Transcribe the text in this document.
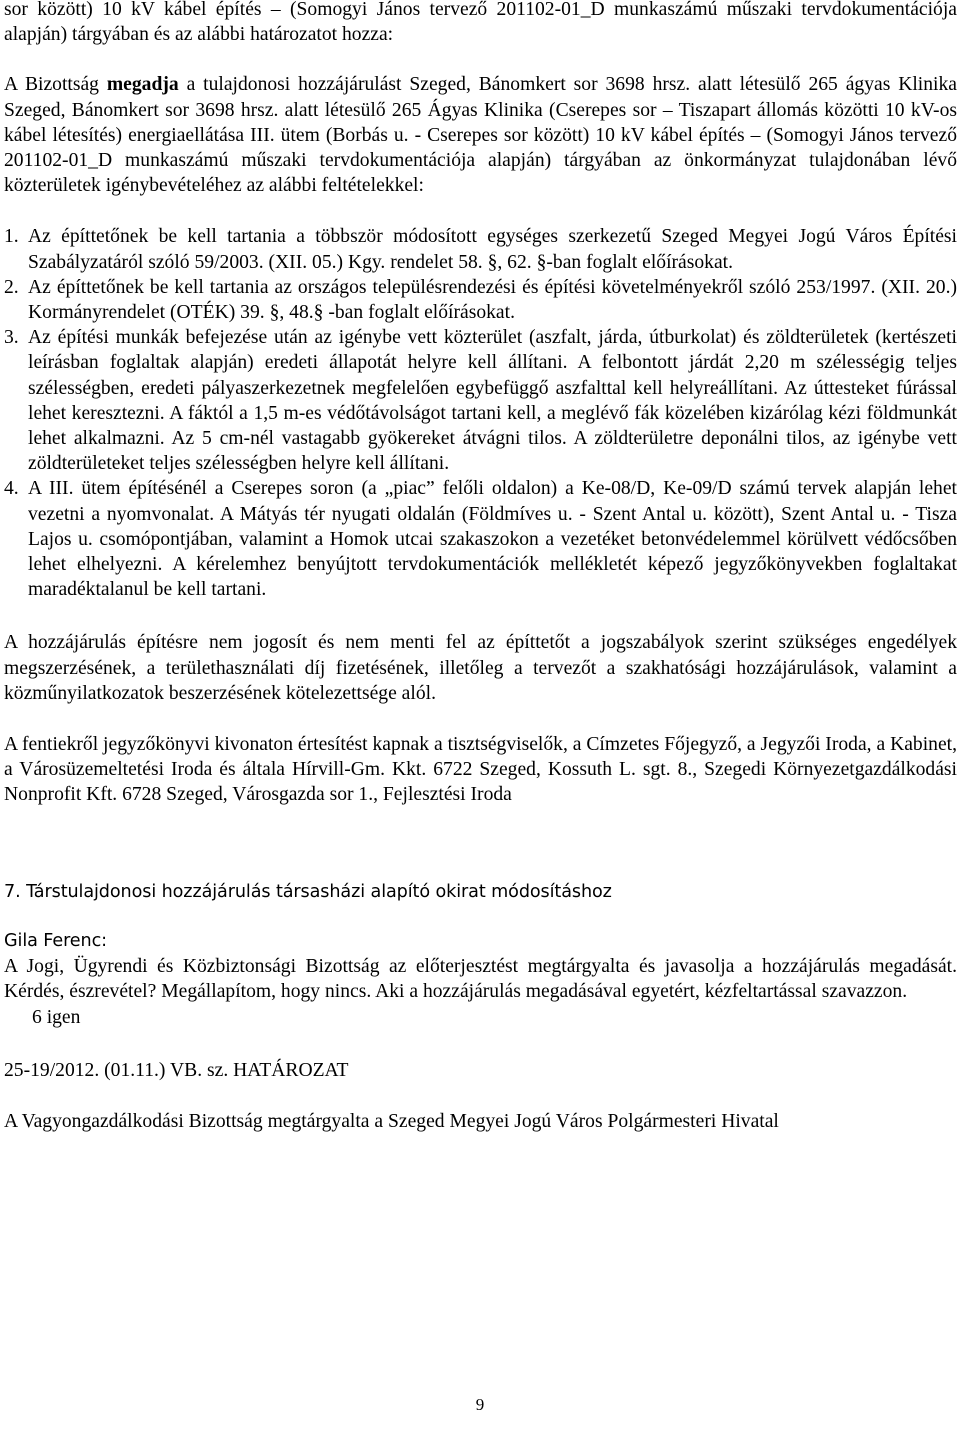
sor között) 10 kV kábel építés – (Somogyi János tervező 201102-01_D munkaszámú műszaki tervdokumentációja alapján) tárgyában és az alábbi határozatot hozza:

A Bizottság megadja a tulajdonosi hozzájárulást Szeged, Bánomkert sor 3698 hrsz. alatt létesülő 265 ágyas Klinika Szeged, Bánomkert sor 3698 hrsz. alatt létesülő 265 Ágyas Klinika (Cserepes sor – Tiszapart állomás közötti 10 kV-os kábel létesítés) energiaellátása III. ütem (Borbás u. - Cserepes sor között) 10 kV kábel építés – (Somogyi János tervező 201102-01_D munkaszámú műszaki tervdokumentációja alapján) tárgyában az önkormányzat tulajdonában lévő közterületek igénybevételéhez az alábbi feltételekkel:

1. Az építtetőnek be kell tartania a többször módosított egységes szerkezetű Szeged Megyei Jogú Város Építési Szabályzatáról szóló 59/2003. (XII. 05.) Kgy. rendelet 58. §, 62. §-ban foglalt előírásokat.
2. Az építtetőnek be kell tartania az országos településrendezési és építési követelményekről szóló 253/1997. (XII. 20.) Kormányrendelet (OTÉK) 39. §, 48.§ -ban foglalt előírásokat.
3. Az építési munkák befejezése után az igénybe vett közterület (aszfalt, járda, útburkolat) és zöldterületek (kertészeti leírásban foglaltak alapján) eredeti állapotát helyre kell állítani. A felbontott járdát 2,20 m szélességig teljes szélességben, eredeti pályaszerkezetnek megfelelően egybefüggő aszfalttal kell helyreállítani. Az úttesteket fúrással lehet keresztezni. A fáktól a 1,5 m-es védőtávolságot tartani kell, a meglévő fák közelében kizárólag kézi földmunkát lehet alkalmazni. Az 5 cm-nél vastagabb gyökereket átvágni tilos. A zöldterületre deponálni tilos, az igénybe vett zöldterületeket teljes szélességben helyre kell állítani.
4. A III. ütem építésénél a Cserepes soron (a „piac” felőli oldalon) a Ke-08/D, Ke-09/D számú tervek alapján lehet vezetni a nyomvonalat. A Mátyás tér nyugati oldalán (Földmíves u. - Szent Antal u. között), Szent Antal u. - Tisza Lajos u. csomópontjában, valamint a Homok utcai szakaszokon a vezetéket betonvédelemmel körülvett védőcsőben lehet elhelyezni. A kérelemhez benyújtott tervdokumentációk mellékletét képező jegyzőkönyvekben foglaltakat maradéktalanul be kell tartani.

A hozzájárulás építésre nem jogosít és nem menti fel az építtetőt a jogszabályok szerint szükséges engedélyek megszerzésének, a területhasználati díj fizetésének, illetőleg a tervezőt a szakhatósági hozzájárulások, valamint a közműnyilatkozatok beszerzésének kötelezettsége alól.

A fentiekről jegyzőkönyvi kivonaton értesítést kapnak a tisztségviselők, a Címzetes Főjegyző, a Jegyzői Iroda, a Kabinet, a Városüzemeltetési Iroda és általa Hírvill-Gm. Kkt. 6722 Szeged, Kossuth L. sgt. 8., Szegedi Környezetgazdálkodási Nonprofit Kft. 6728 Szeged, Városgazda sor 1., Fejlesztési Iroda

7. Társtulajdonosi hozzájárulás társasházi alapító okirat módosításhoz

Gila Ferenc:

A Jogi, Ügyrendi és Közbiztonsági Bizottság az előterjesztést megtárgyalta és javasolja a hozzájárulás megadását. Kérdés, észrevétel? Megállapítom, hogy nincs. Aki a hozzájárulás megadásával egyetért, kézfeltartással szavazzon.

6 igen

25-19/2012. (01.11.) VB. sz. HATÁROZAT

A Vagyongazdálkodási Bizottság megtárgyalta a Szeged Megyei Jogú Város Polgármesteri Hivatal

9
